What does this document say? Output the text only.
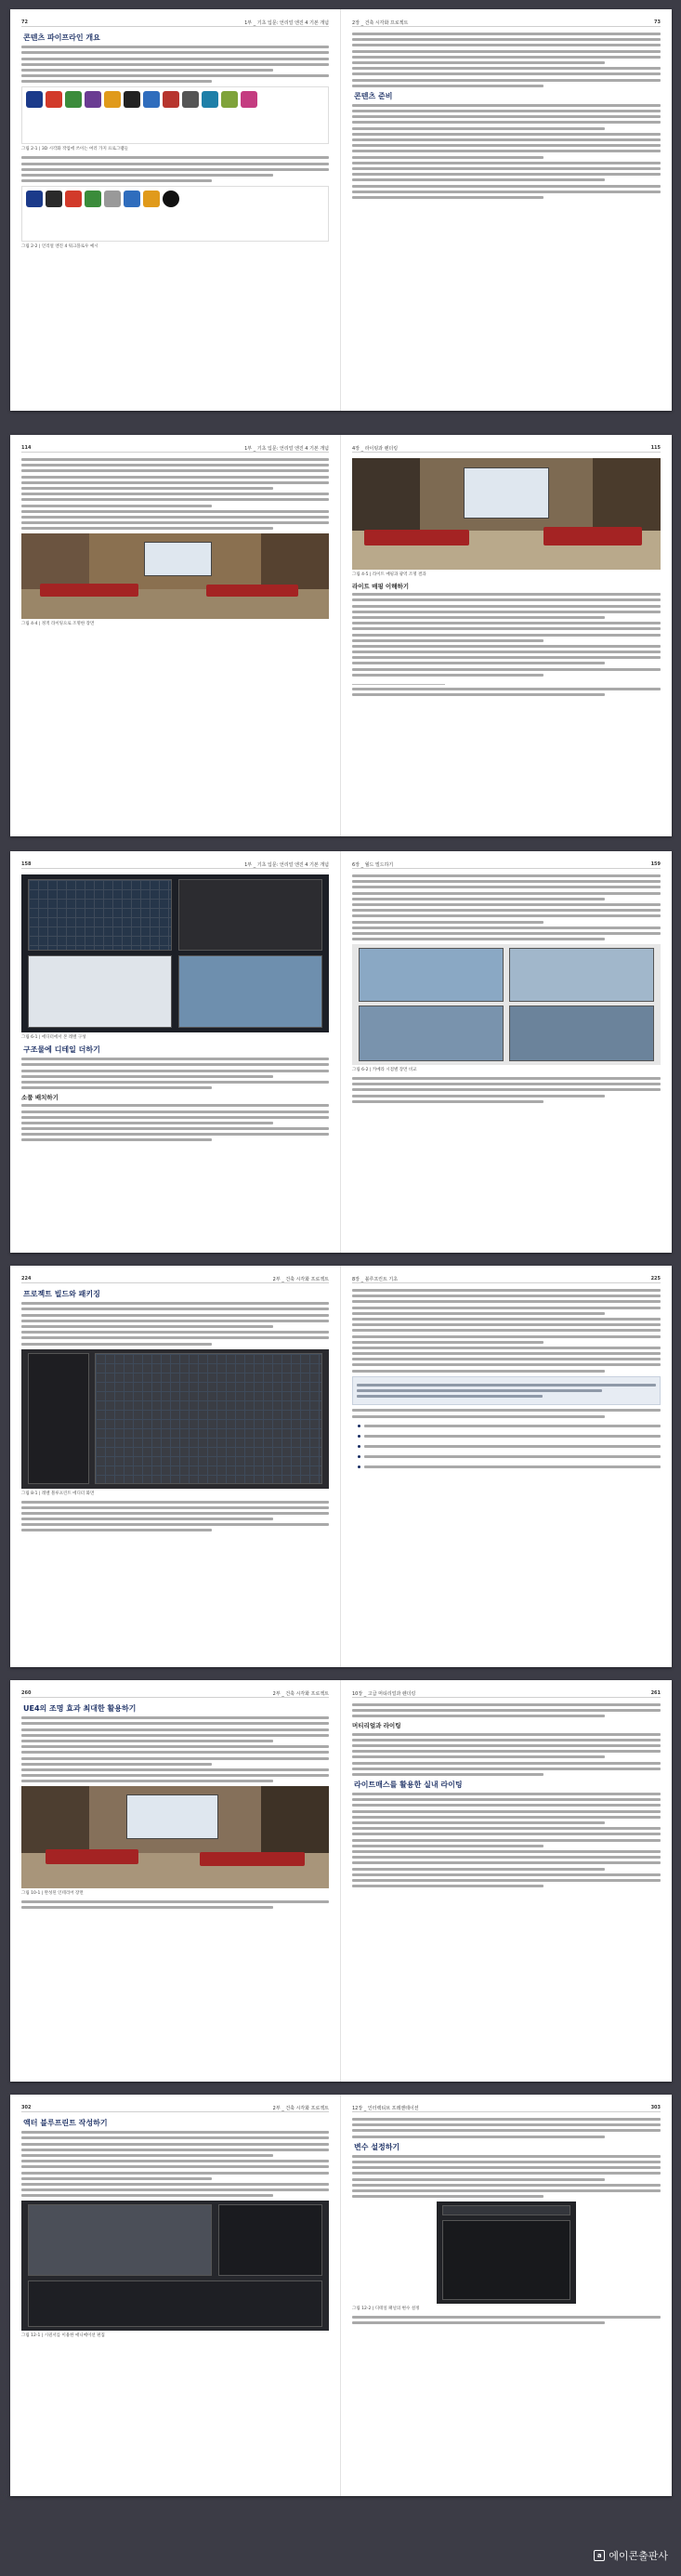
72	1부 _ 기초 입문: 언리얼 엔진 4 기본 개념
콘텐츠 파이프라인 개요
그림 2-1 | 3D 시각화 작업에 쓰이는 여러 가지 프로그램들
그림 2-2 | 언리얼 엔진 4 워크플로우 예시
2장 _ 건축 시각화 프로젝트	73
콘텐츠 준비
114	1부 _ 기초 입문: 언리얼 엔진 4 기본 개념
그림 4-4 | 정적 라이팅으로 조명한 장면
4장 _ 라이팅과 렌더링	115
그림 4-5 | 라이트 매핑과 광역 조명 결과
라이트 매핑 이해하기
158	1부 _ 기초 입문: 언리얼 엔진 4 기본 개념
그림 6-1 | 에디터에서 본 레벨 구성
구조물에 디테일 더하기
소품 배치하기
6장 _ 월드 빌드하기	159
그림 6-2 | 카메라 시점별 장면 비교
224	2부 _ 건축 시각화 프로젝트
프로젝트 빌드와 패키징
그림 8-1 | 레벨 블루프린트 에디터 화면
8장 _ 블루프린트 기초	225
260	2부 _ 건축 시각화 프로젝트
UE4의 조명 효과 최대한 활용하기
그림 10-1 | 완성된 인테리어 장면
10장 _ 고급 머티리얼과 렌더링	261
머티리얼과 라이팅
라이트매스를 활용한 실내 라이팅
302	2부 _ 건축 시각화 프로젝트
액터 블루프린트 작성하기
그림 12-1 | 시퀀서를 이용한 애니메이션 편집
12장 _ 인터랙티브 프레젠테이션	303
변수 설정하기
그림 12-2 | 디테일 패널의 변수 설정
a 에이콘출판사
